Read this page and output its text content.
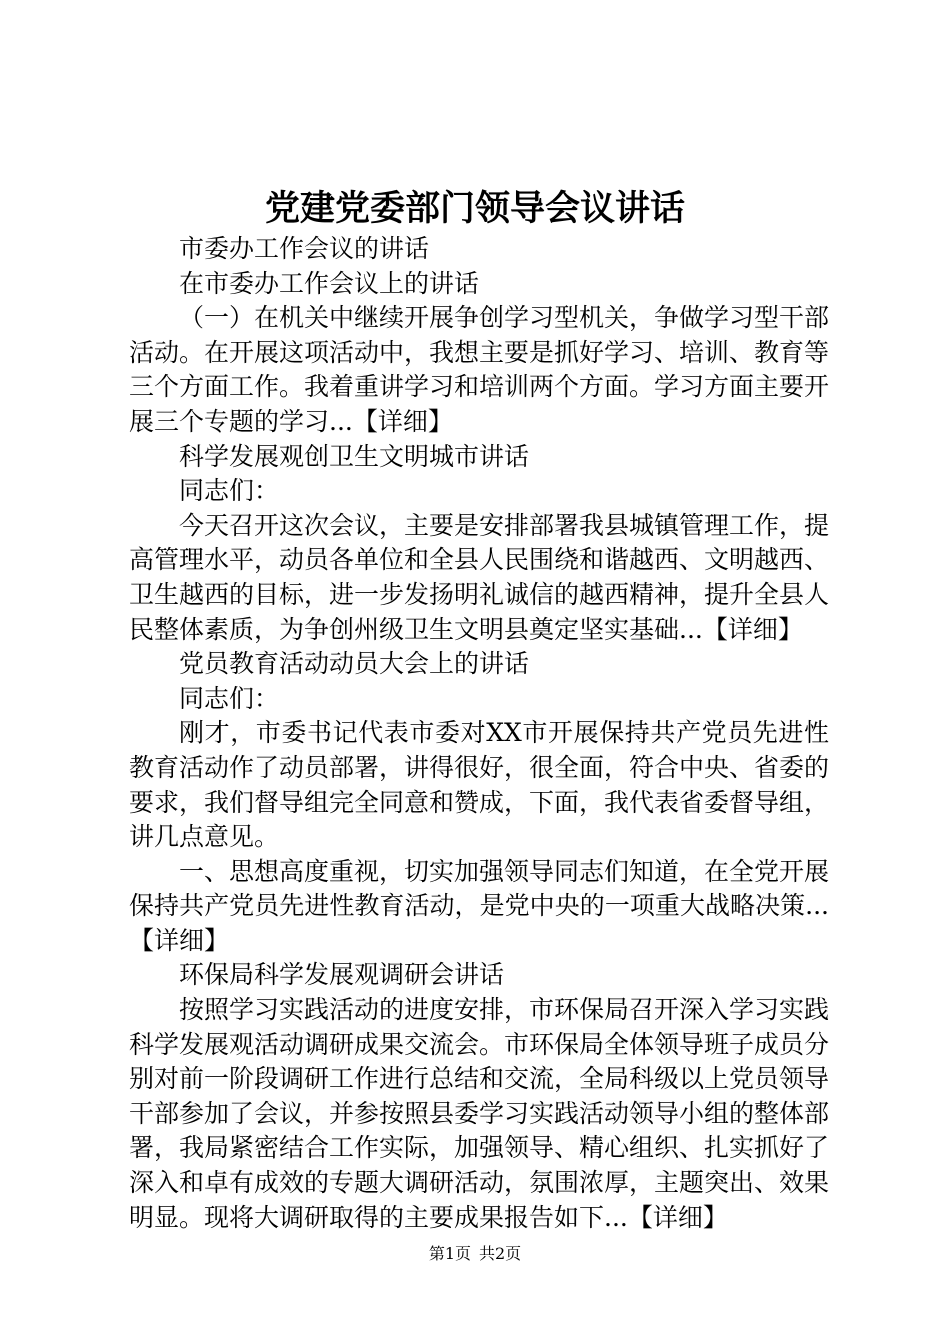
党建党委部门领导会议讲话

市委办工作会议的讲话

在市委办工作会议上的讲话

（一）在机关中继续开展争创学习型机关，争做学习型干部活动。在开展这项活动中，我想主要是抓好学习、培训、教育等三个方面工作。我着重讲学习和培训两个方面。学习方面主要开展三个专题的学习...【详细】

科学发展观创卫生文明城市讲话

同志们：

今天召开这次会议，主要是安排部署我县城镇管理工作，提高管理水平，动员各单位和全县人民围绕和谐越西、文明越西、卫生越西的目标，进一步发扬明礼诚信的越西精神，提升全县人民整体素质，为争创州级卫生文明县奠定坚实基础...【详细】

党员教育活动动员大会上的讲话

同志们：

刚才，市委书记代表市委对XX市开展保持共产党员先进性教育活动作了动员部署，讲得很好，很全面，符合中央、省委的要求，我们督导组完全同意和赞成，下面，我代表省委督导组，讲几点意见。

一、思想高度重视，切实加强领导同志们知道，在全党开展保持共产党员先进性教育活动，是党中央的一项重大战略决策...【详细】

环保局科学发展观调研会讲话

按照学习实践活动的进度安排，市环保局召开深入学习实践科学发展观活动调研成果交流会。市环保局全体领导班子成员分别对前一阶段调研工作进行总结和交流，全局科级以上党员领导干部参加了会议，并参按照县委学习实践活动领导小组的整体部署，我局紧密结合工作实际，加强领导、精心组织、扎实抓好了深入和卓有成效的专题大调研活动，氛围浓厚，主题突出、效果明显。现将大调研取得的主要成果报告如下...【详细】

第1页 共2页
